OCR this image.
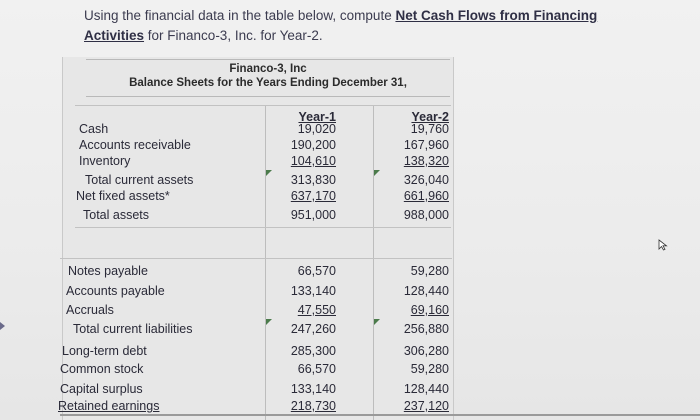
Using the financial data in the table below, compute Net Cash Flows from Financing
Activities for Financo-3, Inc. for Year-2.
Financo-3, Inc
Balance Sheets for the Years Ending December 31,
Year-1	Year-2
Cash	19,020	19,760
Accounts receivable	190,200	167,960
Inventory	104,610	138,320
Total current assets	313,830	326,040
Net fixed assets*	637,170	661,960
Total assets	951,000	988,000
Notes payable	66,570	59,280
Accounts payable	133,140	128,440
Accruals	47,550	69,160
Total current liabilities	247,260	256,880
Long-term debt	285,300	306,280
Common stock	66,570	59,280
Capital surplus	133,140	128,440
Retained earnings	218,730	237,120
